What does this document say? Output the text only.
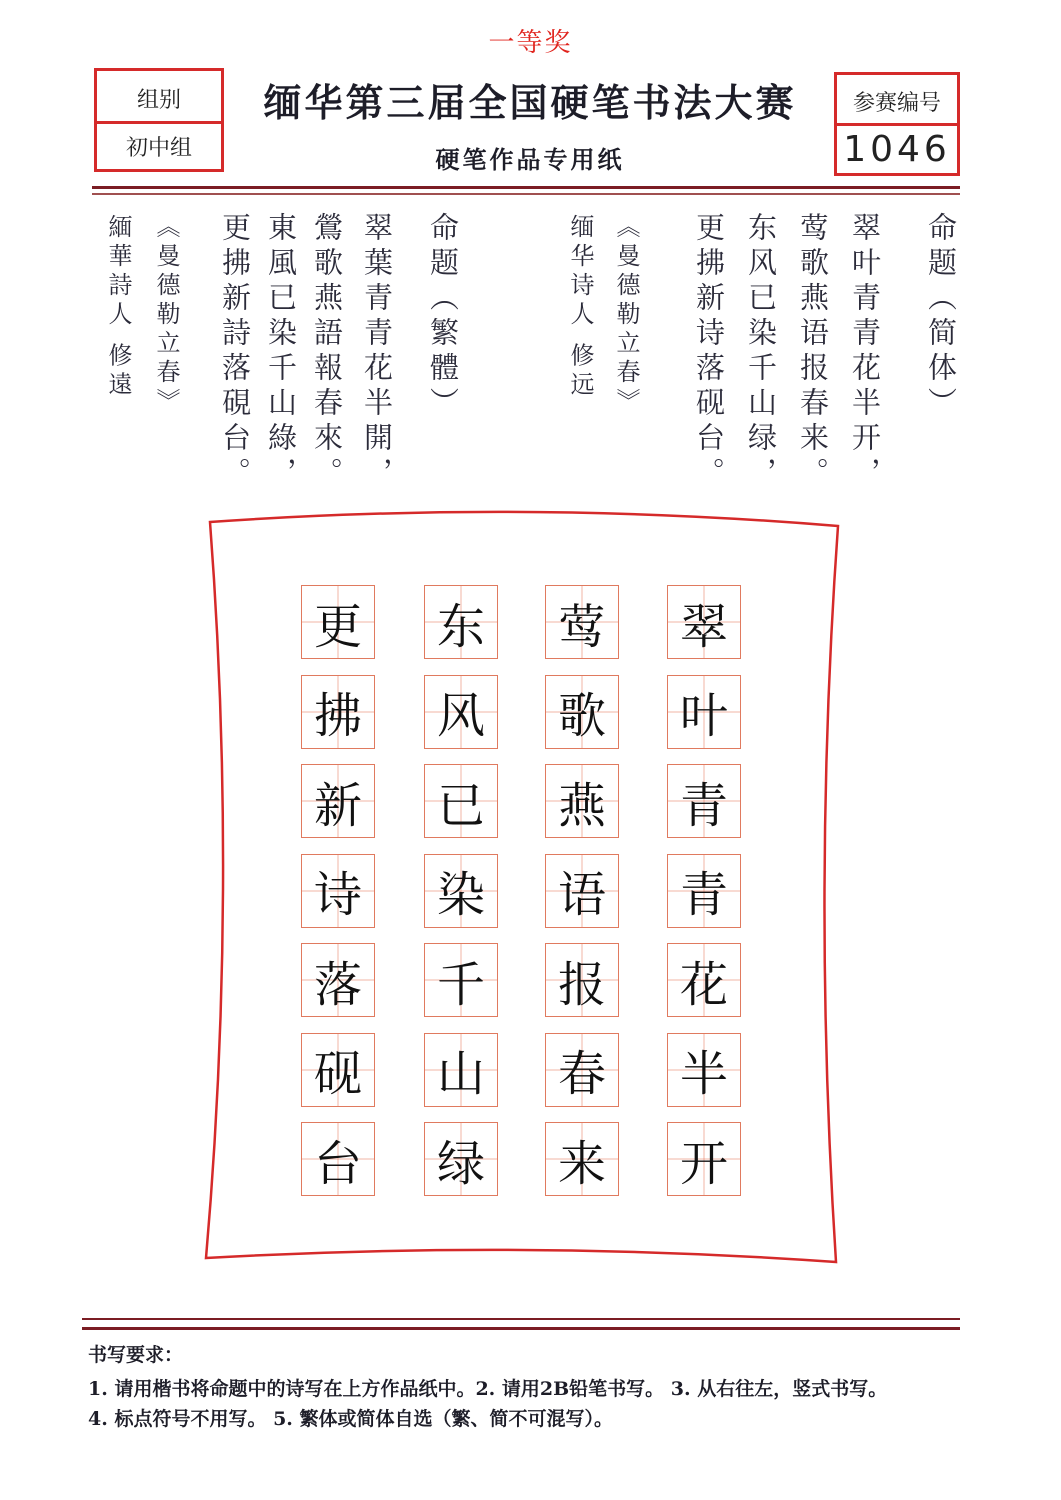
一等奖
组别
初中组
缅华第三届全国硬笔书法大赛
硬笔作品专用纸
参赛编号
1046
命题（简体）
翠叶青青花半开，
莺歌燕语报春来。
东风已染千山绿，
更拂新诗落砚台。
《曼德勒立春》
缅华诗人 修远
命题（繁體）
翠葉青青花半開，
鶯歌燕語報春來。
東風已染千山綠，
更拂新詩落硯台。
《曼德勒立春》
緬華詩人 修遠
翠
叶
青
青
花
半
开
莺
歌
燕
语
报
春
来
东
风
已
染
千
山
绿
更
拂
新
诗
落
砚
台
书写要求：
1. 请用楷书将命题中的诗写在上方作品纸中。2. 请用2B铅笔书写。 3. 从右往左，竖式书写。
4. 标点符号不用写。 5. 繁体或简体自选（繁、简不可混写）。
